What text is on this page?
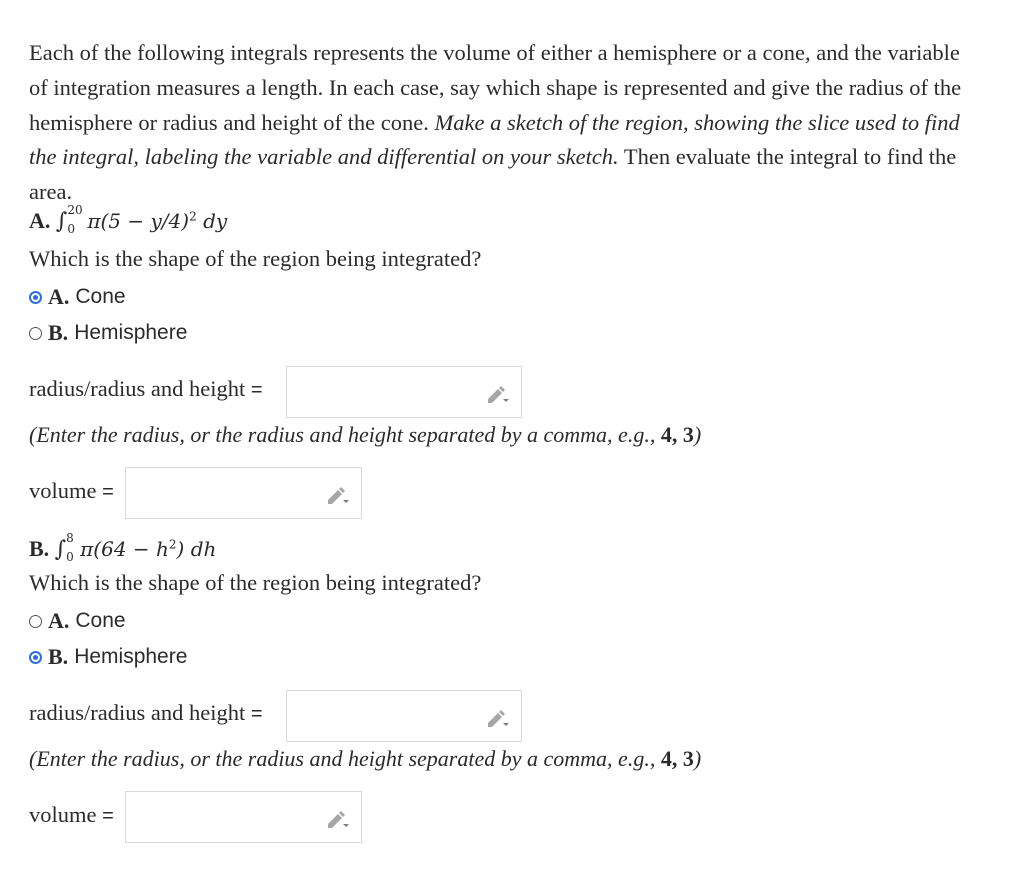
Each of the following integrals represents the volume of either a hemisphere or a cone, and the variable of integration measures a length. In each case, say which shape is represented and give the radius of the hemisphere or radius and height of the cone. Make a sketch of the region, showing the slice used to find the integral, labeling the variable and differential on your sketch. Then evaluate the integral to find the area.
A. ∫ 20
0 $\pi(5 - y/4)^2$ dy
Which is the shape of the region being integrated?
A. Cone
B. Hemisphere
radius/radius and height =
(Enter the radius, or the radius and height separated by a comma, e.g., 4, 3)
volume =
B. ∫ 8
0 $\pi(64 - h^2)$ dh
Which is the shape of the region being integrated?
A. Cone
B. Hemisphere
radius/radius and height =
(Enter the radius, or the radius and height separated by a comma, e.g., 4, 3)
volume =
